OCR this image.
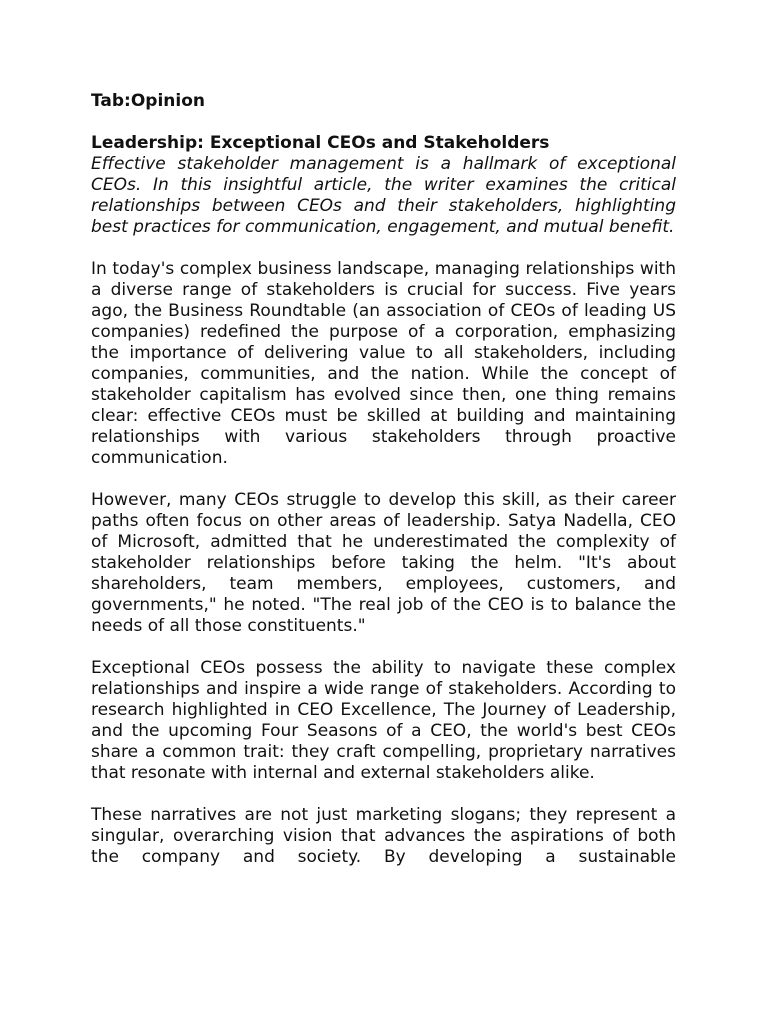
Tab:Opinion

Leadership: Exceptional CEOs and Stakeholders

Effective stakeholder management is a hallmark of exceptional CEOs. In this insightful article, the writer examines the critical relationships between CEOs and their stakeholders, highlighting best practices for communication, engagement, and mutual benefit.

In today's complex business landscape, managing relationships with a diverse range of stakeholders is crucial for success. Five years ago, the Business Roundtable (an association of CEOs of leading US companies) redefined the purpose of a corporation, emphasizing the importance of delivering value to all stakeholders, including companies, communities, and the nation. While the concept of stakeholder capitalism has evolved since then, one thing remains clear: effective CEOs must be skilled at building and maintaining relationships with various stakeholders through proactive communication.

However, many CEOs struggle to develop this skill, as their career paths often focus on other areas of leadership. Satya Nadella, CEO of Microsoft, admitted that he underestimated the complexity of stakeholder relationships before taking the helm. "It's about shareholders, team members, employees, customers, and governments," he noted. "The real job of the CEO is to balance the needs of all those constituents."

Exceptional CEOs possess the ability to navigate these complex relationships and inspire a wide range of stakeholders. According to research highlighted in CEO Excellence, The Journey of Leadership, and the upcoming Four Seasons of a CEO, the world's best CEOs share a common trait: they craft compelling, proprietary narratives that resonate with internal and external stakeholders alike.

These narratives are not just marketing slogans; they represent a singular, overarching vision that advances the aspirations of both the company and society. By developing a sustainable
